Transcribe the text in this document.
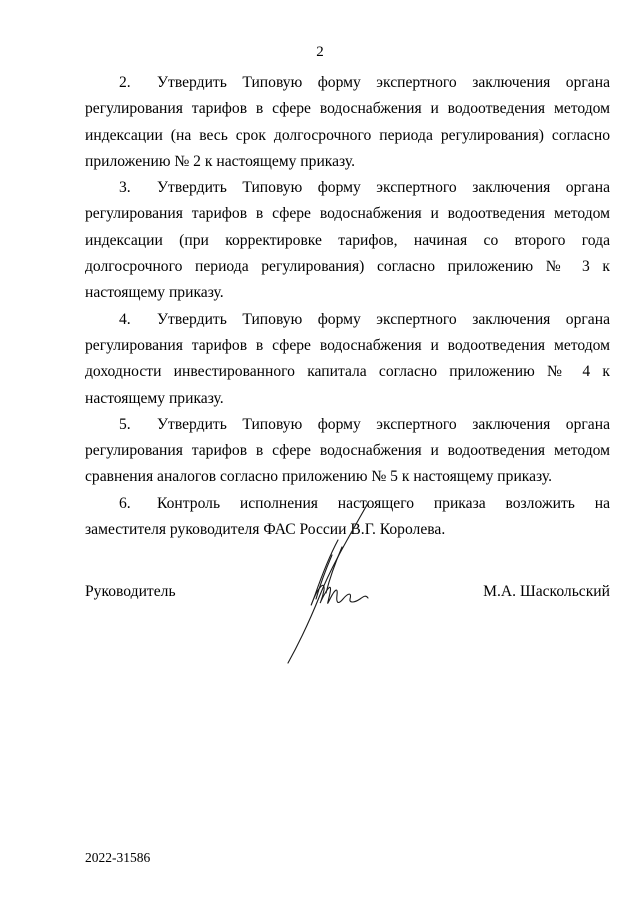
2

2. Утвердить Типовую форму экспертного заключения органа регулирования тарифов в сфере водоснабжения и водоотведения методом индексации (на весь срок долгосрочного периода регулирования) согласно приложению № 2 к настоящему приказу.

3. Утвердить Типовую форму экспертного заключения органа регулирования тарифов в сфере водоснабжения и водоотведения методом индексации (при корректировке тарифов, начиная со второго года долгосрочного периода регулирования) согласно приложению № 3 к настоящему приказу.

4. Утвердить Типовую форму экспертного заключения органа регулирования тарифов в сфере водоснабжения и водоотведения методом доходности инвестированного капитала согласно приложению № 4 к настоящему приказу.

5. Утвердить Типовую форму экспертного заключения органа регулирования тарифов в сфере водоснабжения и водоотведения методом сравнения аналогов согласно приложению № 5 к настоящему приказу.

6. Контроль исполнения настоящего приказа возложить на заместителя руководителя ФАС России В.Г. Королева.

Руководитель	М.А. Шаскольский
2022-31586
